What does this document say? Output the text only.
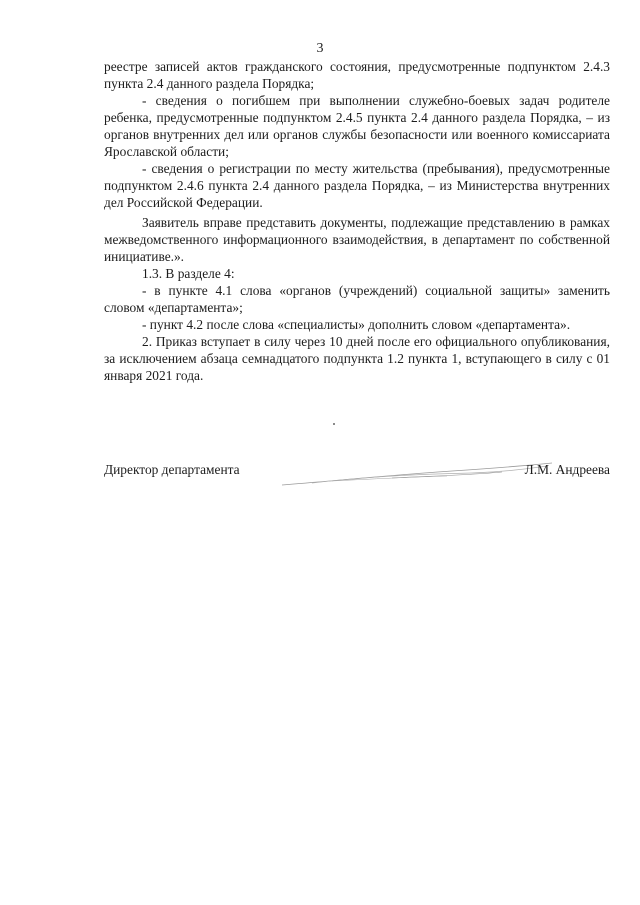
3

реестре записей актов гражданского состояния, предусмотренные подпунктом 2.4.3 пункта 2.4 данного раздела Порядка;

- сведения о погибшем при выполнении служебно-боевых задач родителе ребенка, предусмотренные подпунктом 2.4.5 пункта 2.4 данного раздела Порядка, – из органов внутренних дел или органов службы безопасности или военного комиссариата Ярославской области;

- сведения о регистрации по месту жительства (пребывания), предусмотренные подпунктом 2.4.6 пункта 2.4 данного раздела Порядка, – из Министерства внутренних дел Российской Федерации.

Заявитель вправе представить документы, подлежащие представлению в рамках межведомственного информационного взаимодействия, в департамент по собственной инициативе.».

1.3. В разделе 4:

- в пункте 4.1 слова «органов (учреждений) социальной защиты» заменить словом «департамента»;

- пункт 4.2 после слова «специалисты» дополнить словом «департамента».

2. Приказ вступает в силу через 10 дней после его официального опубликования, за исключением абзаца семнадцатого подпункта 1.2 пункта 1, вступающего в силу с 01 января 2021 года.

Директор департамента	Л.М. Андреева
